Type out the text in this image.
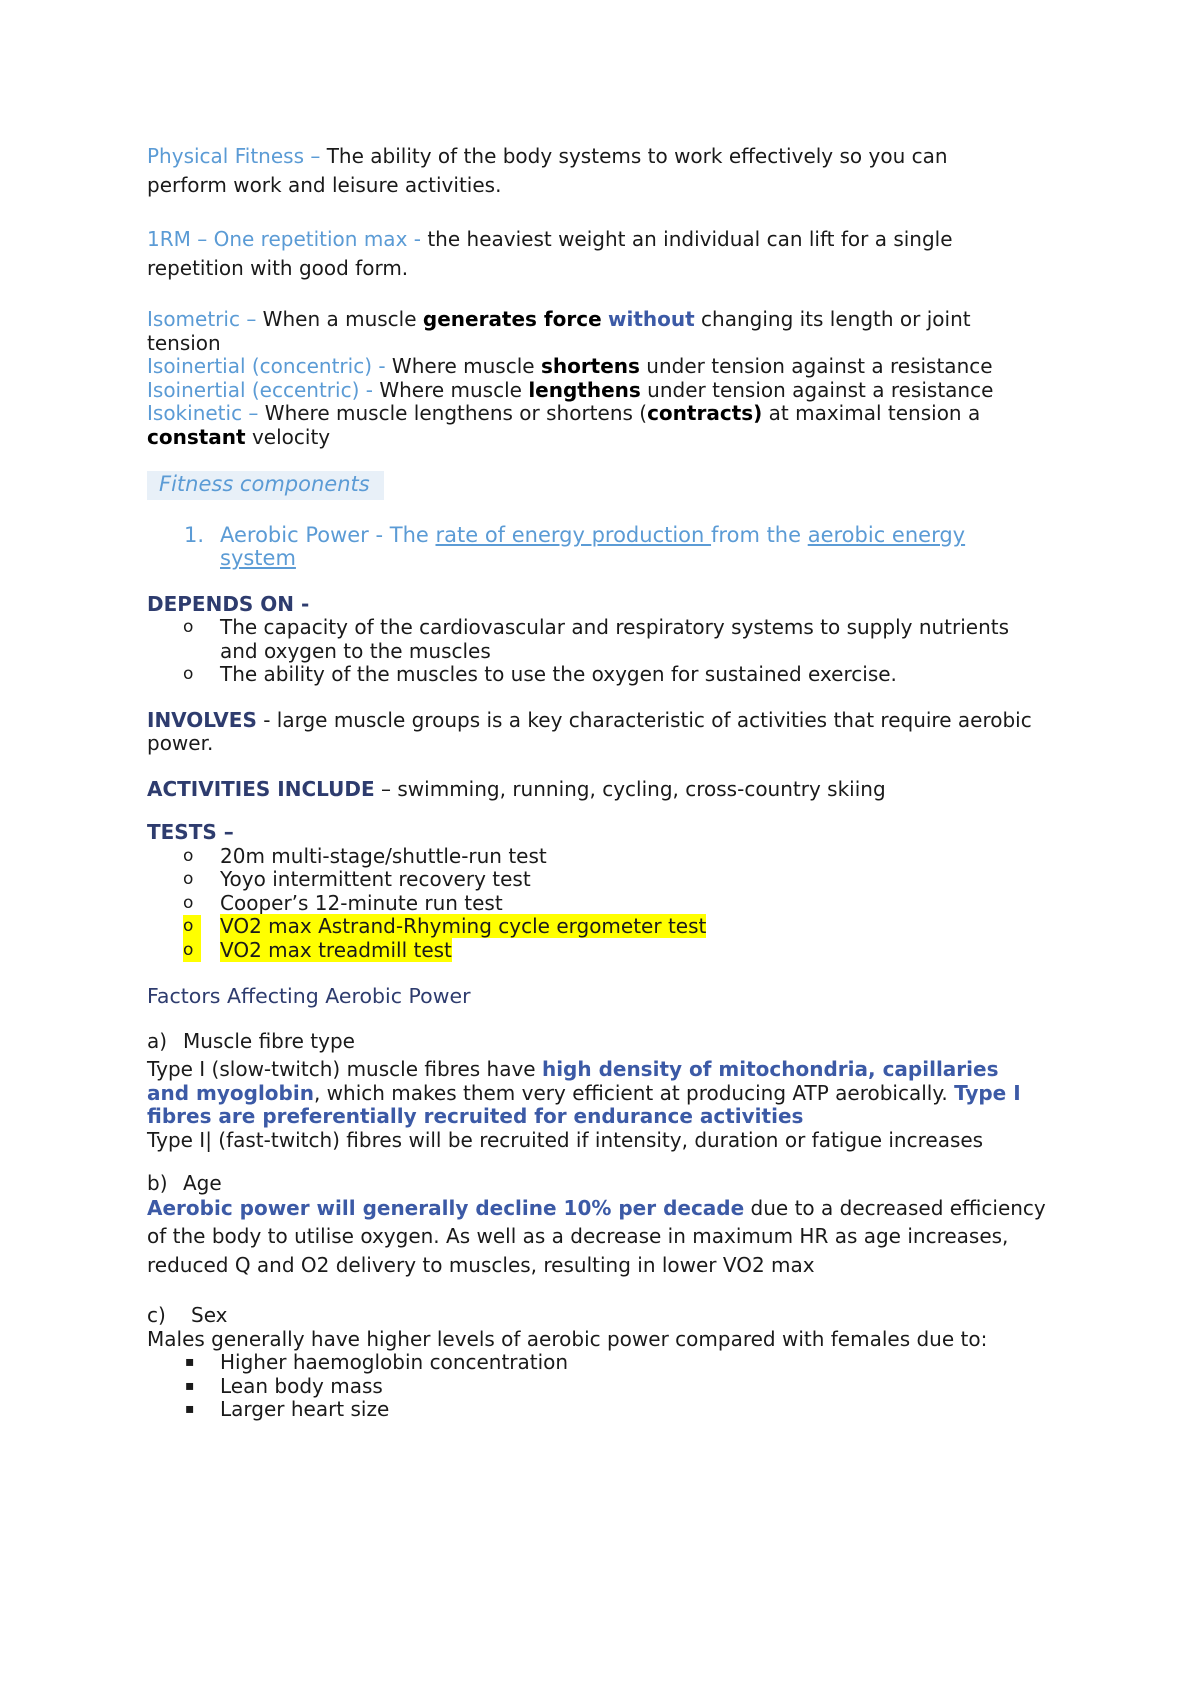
Physical Fitness – The ability of the body systems to work effectively so you can

perform work and leisure activities.

1RM – One repetition max - the heaviest weight an individual can lift for a single

repetition with good form.

Isometric – When a muscle generates force without changing its length or joint

tension

Isoinertial (concentric) - Where muscle shortens under tension against a resistance

Isoinertial (eccentric) - Where muscle lengthens under tension against a resistance

Isokinetic – Where muscle lengthens or shortens (contracts) at maximal tension a

constant velocity

Fitness components
1. Aerobic Power - The rate of energy production from the aerobic energy
system

DEPENDS ON -

o The capacity of the cardiovascular and respiratory systems to supply nutrients
and oxygen to the muscles
o The ability of the muscles to use the oxygen for sustained exercise.

INVOLVES - large muscle groups is a key characteristic of activities that require aerobic

power.

ACTIVITIES INCLUDE – swimming, running, cycling, cross-country skiing

TESTS –

o 20m multi-stage/shuttle-run test
o Yoyo intermittent recovery test
o Cooper’s 12-minute run test
o	VO2 max Astrand-Rhyming cycle ergometer test
o	VO2 max treadmill test

Factors Affecting Aerobic Power

a) Muscle fibre type

Type I (slow-twitch) muscle fibres have high density of mitochondria, capillaries

and myoglobin, which makes them very efficient at producing ATP aerobically. Type I

fibres are preferentially recruited for endurance activities

Type I| (fast-twitch) fibres will be recruited if intensity, duration or fatigue increases

b) Age

Aerobic power will generally decline 10% per decade due to a decreased efficiency

of the body to utilise oxygen. As well as a decrease in maximum HR as age increases,

reduced Q and O2 delivery to muscles, resulting in lower VO2 max

c) Sex

Males generally have higher levels of aerobic power compared with females due to:

▪ Higher haemoglobin concentration
▪ Lean body mass
▪ Larger heart size
